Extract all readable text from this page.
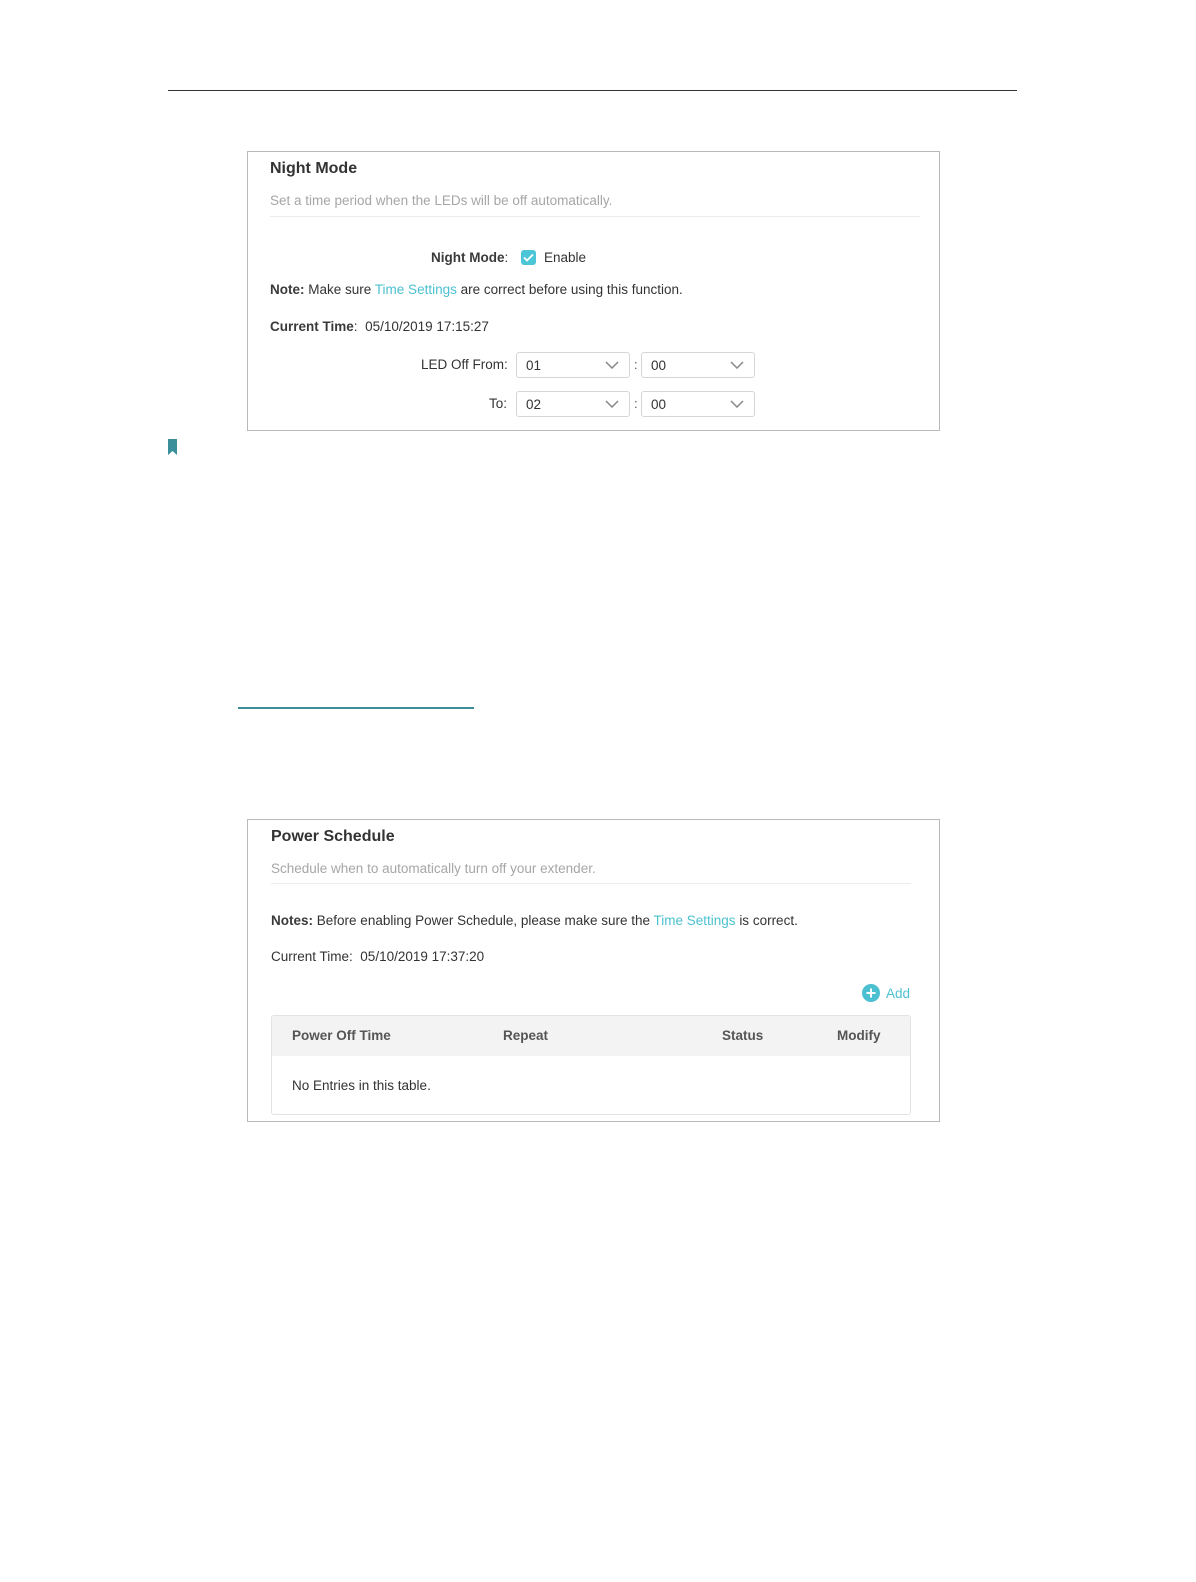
Night Mode
Set a time period when the LEDs will be off automatically.
Night Mode:	Enable
Note: Make sure Time Settings are correct before using this function.
Current Time: 05/10/2019 17:15:27
LED Off From: 01	: 00
To: 02	: 00
Power Schedule
Schedule when to automatically turn off your extender.
Notes: Before enabling Power Schedule, please make sure the Time Settings is correct.
Current Time: 05/10/2019 17:37:20
Add
Power Off Time	Repeat	Status	Modify
No Entries in this table.
